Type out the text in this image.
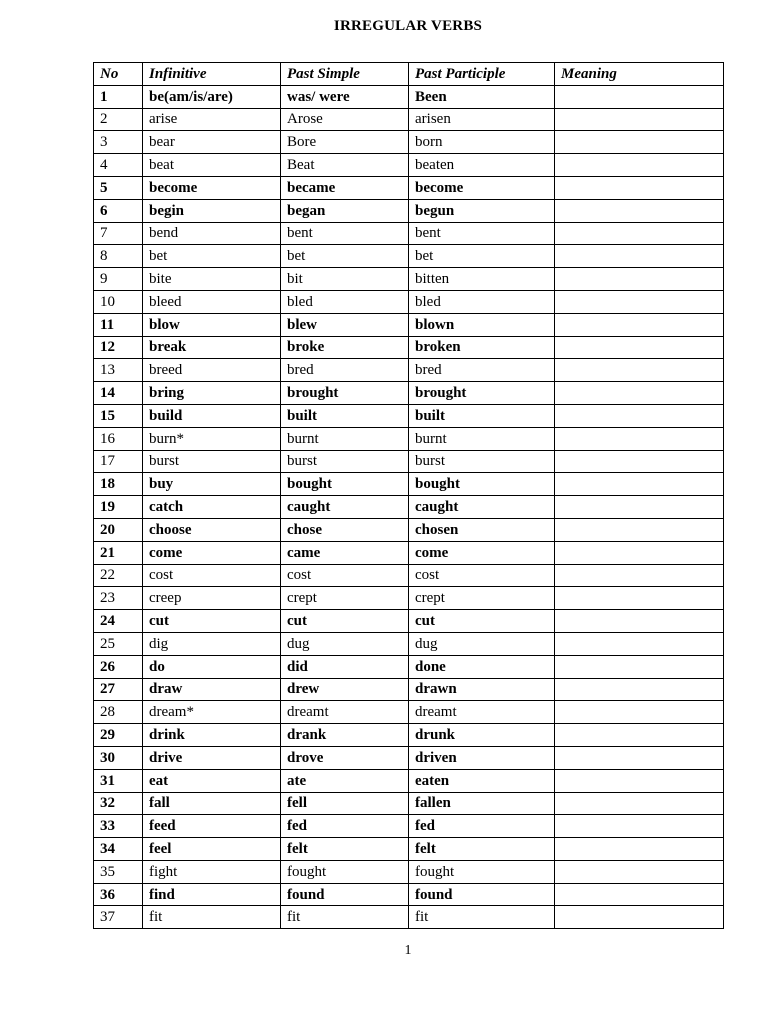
IRREGULAR VERBS
No	Infinitive	Past Simple	Past Participle	Meaning
1	be(am/is/are)	was/ were	Been	
2	arise	Arose	arisen	
3	bear	Bore	born	
4	beat	Beat	beaten	
5	become	became	become	
6	begin	began	begun	
7	bend	bent	bent	
8	bet	bet	bet	
9	bite	bit	bitten	
10	bleed	bled	bled	
11	blow	blew	blown	
12	break	broke	broken	
13	breed	bred	bred	
14	bring	brought	brought	
15	build	built	built	
16	burn*	burnt	burnt	
17	burst	burst	burst	
18	buy	bought	bought	
19	catch	caught	caught	
20	choose	chose	chosen	
21	come	came	come	
22	cost	cost	cost	
23	creep	crept	crept	
24	cut	cut	cut	
25	dig	dug	dug	
26	do	did	done	
27	draw	drew	drawn	
28	dream*	dreamt	dreamt	
29	drink	drank	drunk	
30	drive	drove	driven	
31	eat	ate	eaten	
32	fall	fell	fallen	
33	feed	fed	fed	
34	feel	felt	felt	
35	fight	fought	fought	
36	find	found	found	
37	fit	fit	fit	
1
